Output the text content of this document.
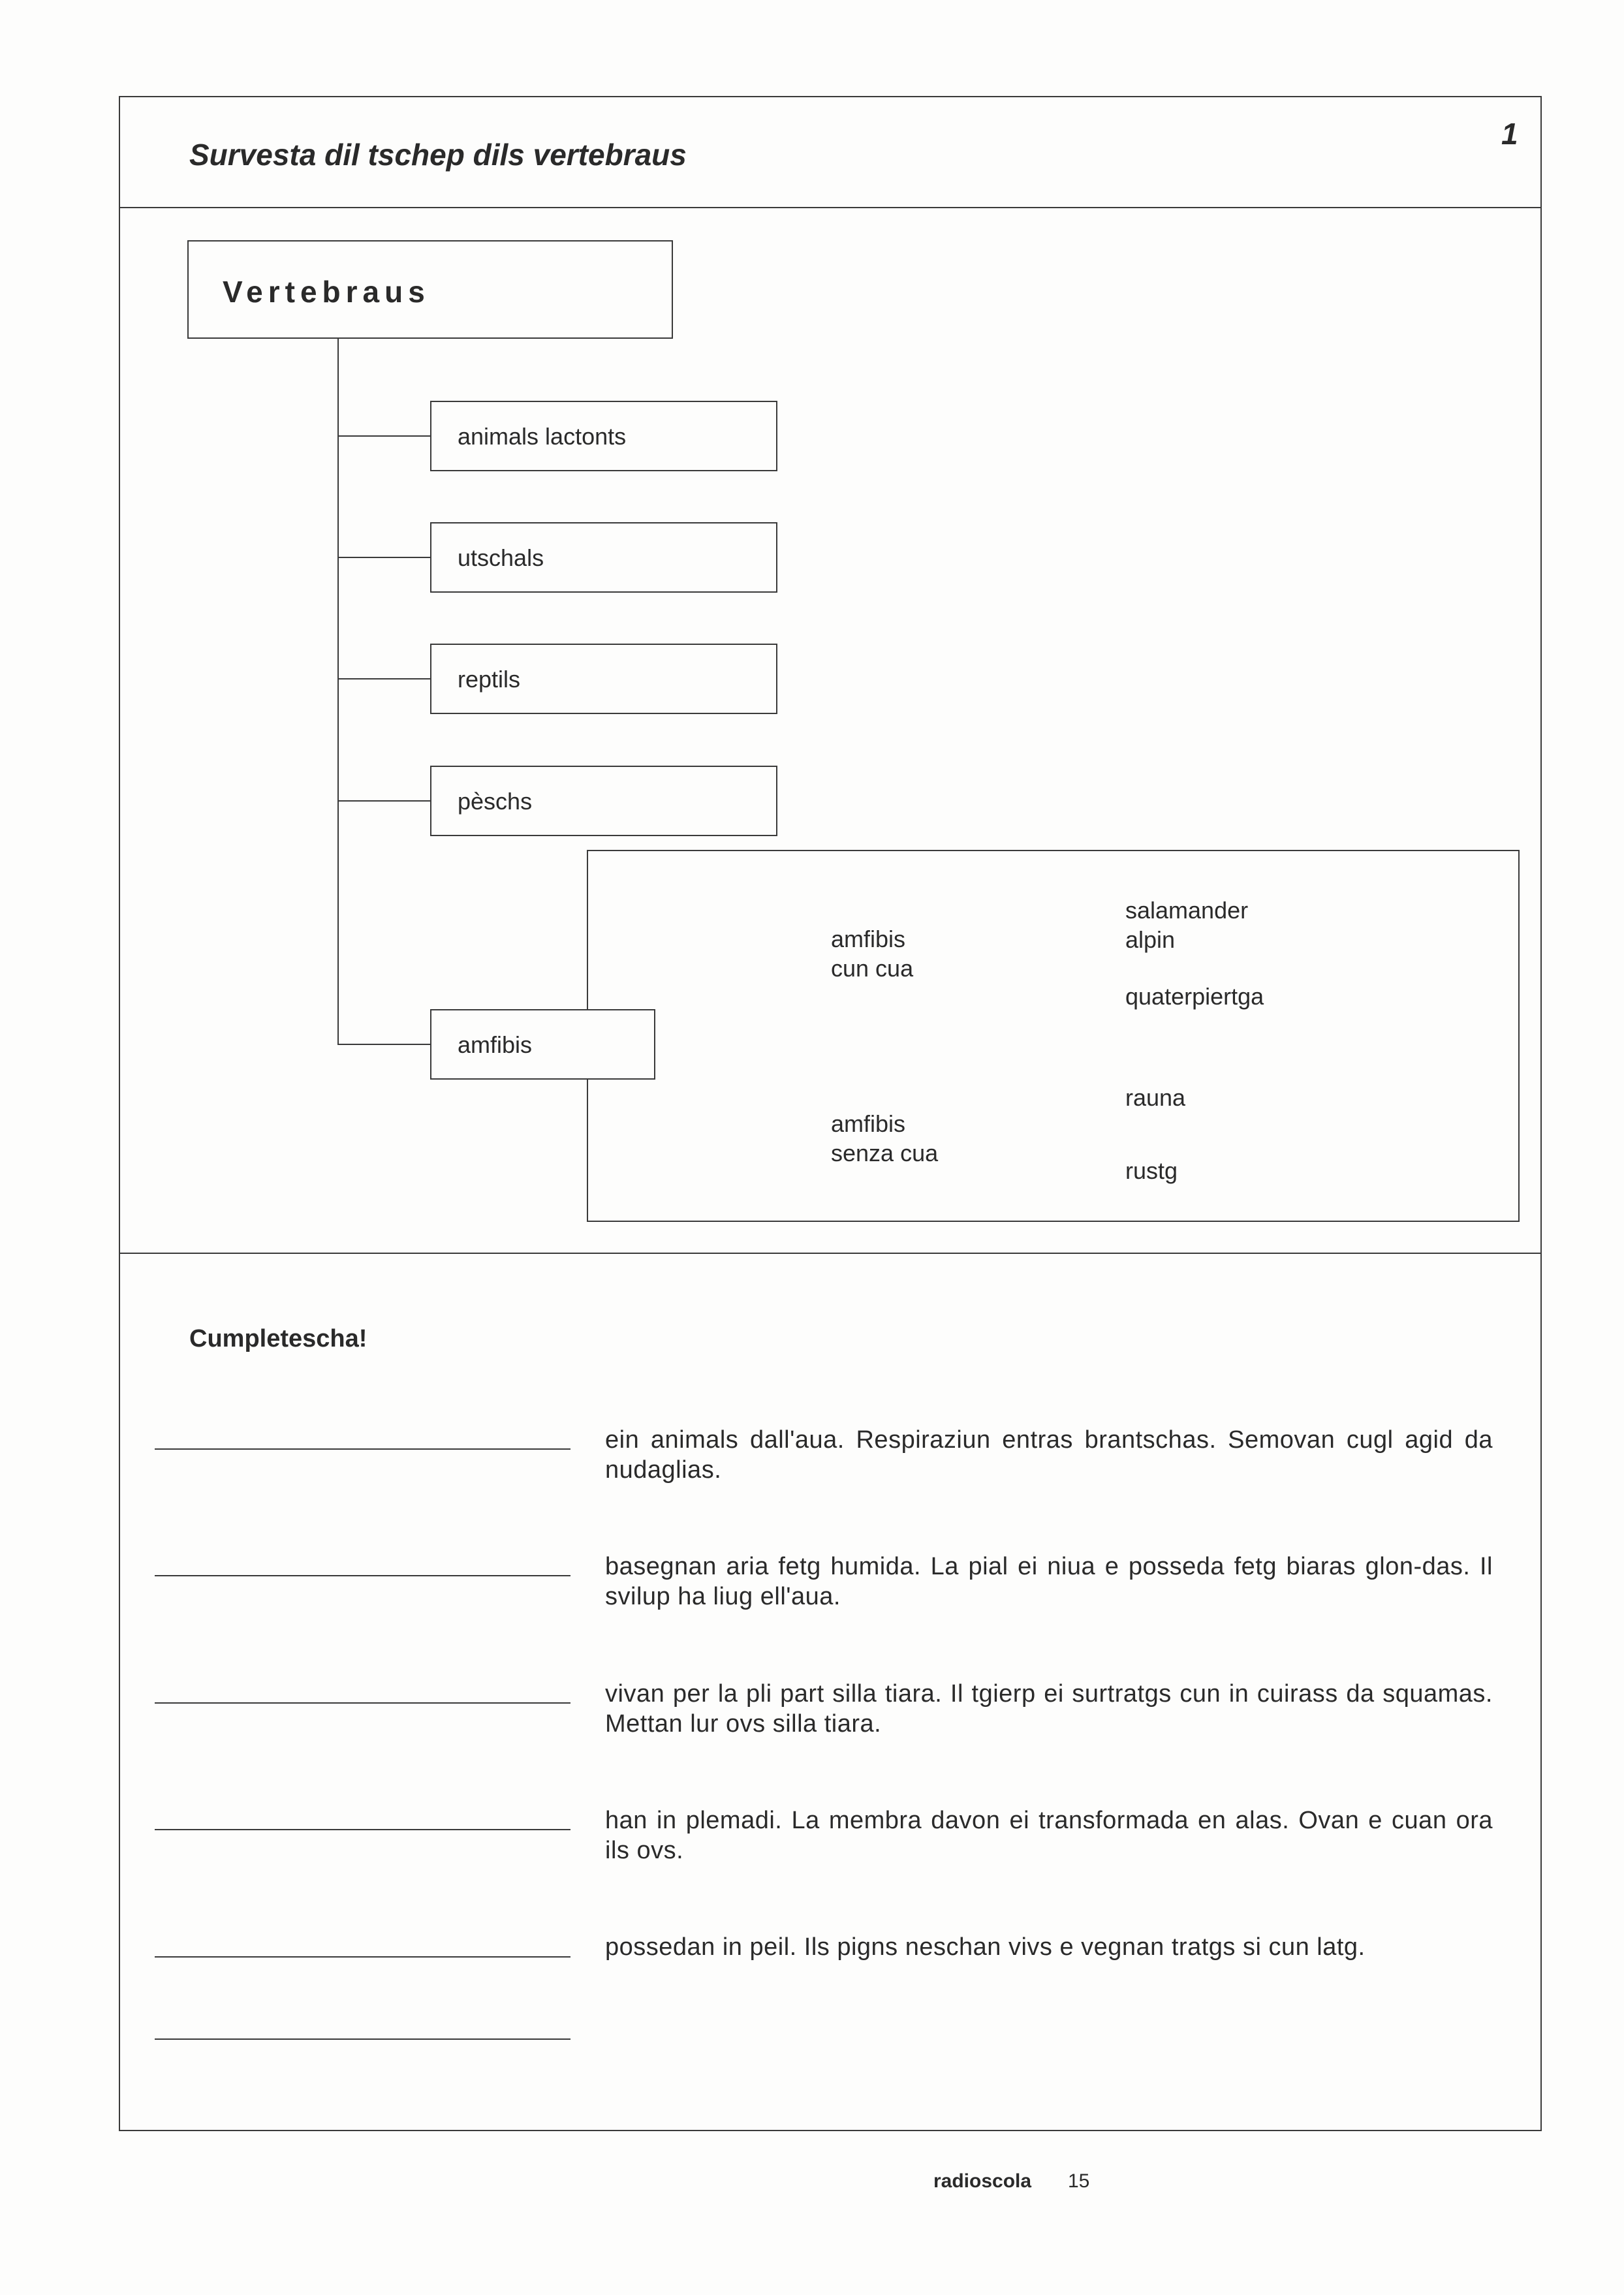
Survesta dil tschep dils vertebraus
1
Vertebraus
animals lactonts
utschals
reptils
pèschs
amfibis
cun cua
salamander
alpin
quaterpiertga
amfibis
senza cua
rauna
rustg
amfibis
Cumpletescha!
ein animals dall'aua. Respiraziun entras brantschas. Semovan cugl agid da nudaglias.
basegnan aria fetg humida. La pial ei niua e posseda fetg biaras glon-das. Il svilup ha liug ell'aua.
vivan per la pli part silla tiara. Il tgierp ei surtratgs cun in cuirass da squamas. Mettan lur ovs silla tiara.
han in plemadi. La membra davon ei transformada en alas. Ovan e cuan ora ils ovs.
possedan in peil. Ils pigns neschan vivs e vegnan tratgs si cun latg.
radioscola 15
